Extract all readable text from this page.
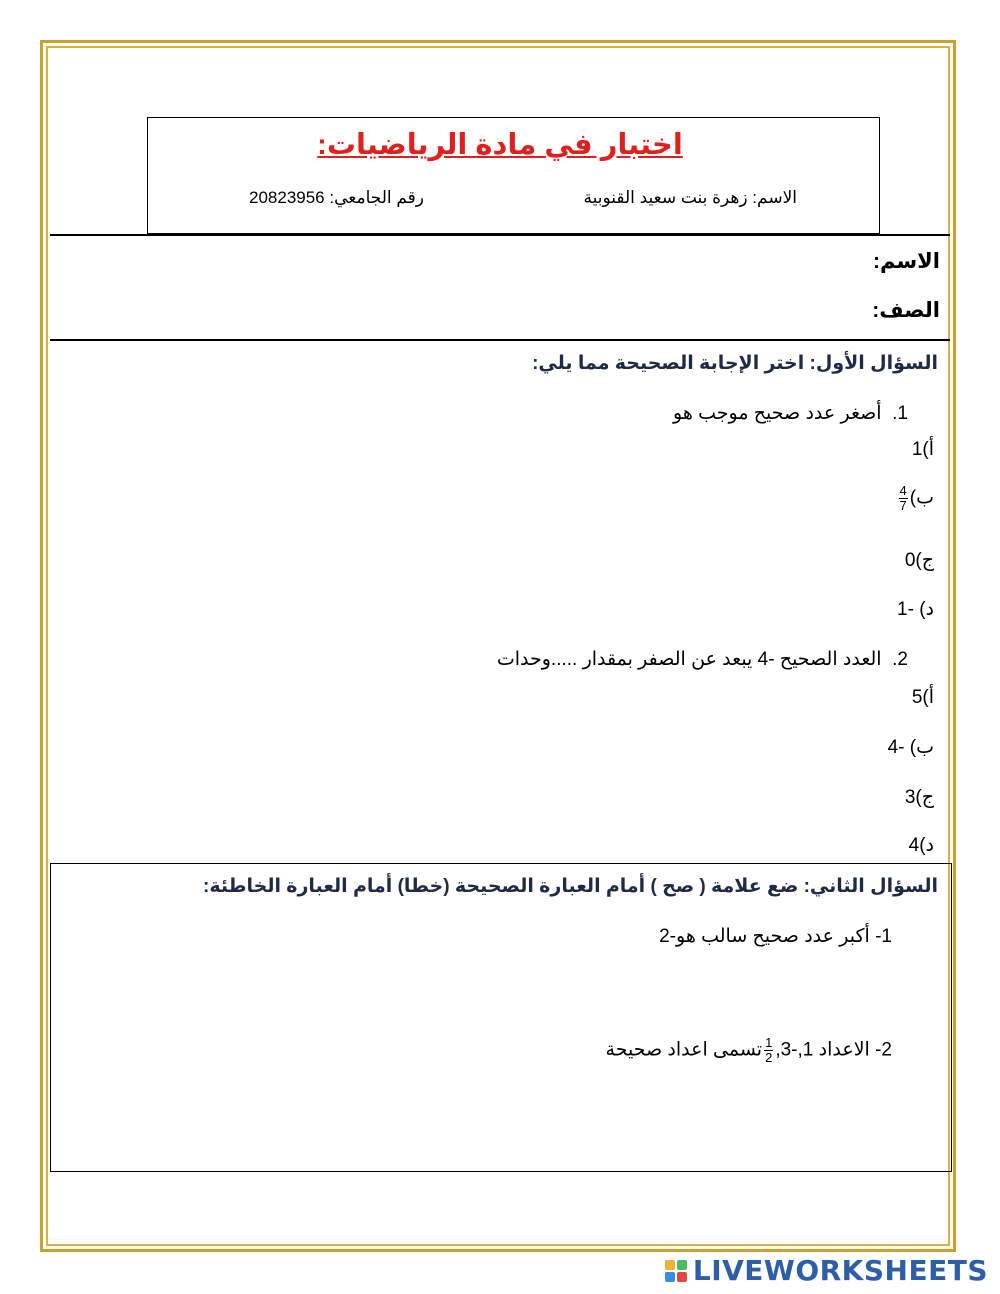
اختبار في مادة الرياضيات:
الاسم: زهرة بنت سعيد القنوبية
رقم الجامعي: 20823956
الاسم:
الصف:
السؤال الأول: اختر الإجابة الصحيحة مما يلي:
1.  أصغر عدد صحيح موجب هو
أ)1
ب)
$\frac{4}{7}$
ج)0
د) -1
2.  العدد الصحيح -4 يبعد عن الصفر بمقدار .....وحدات
أ)5
ب) -4
ج)3
د)4
السؤال الثاني: ضع علامة ( صح ) أمام العبارة الصحيحة (خطا) أمام العبارة الخاطئة:
1- أكبر عدد صحيح سالب هو-2
2- الاعداد 1,-3,
$\frac{1}{2}$
تسمى اعداد صحيحة
LIVEWORKSHEETS
